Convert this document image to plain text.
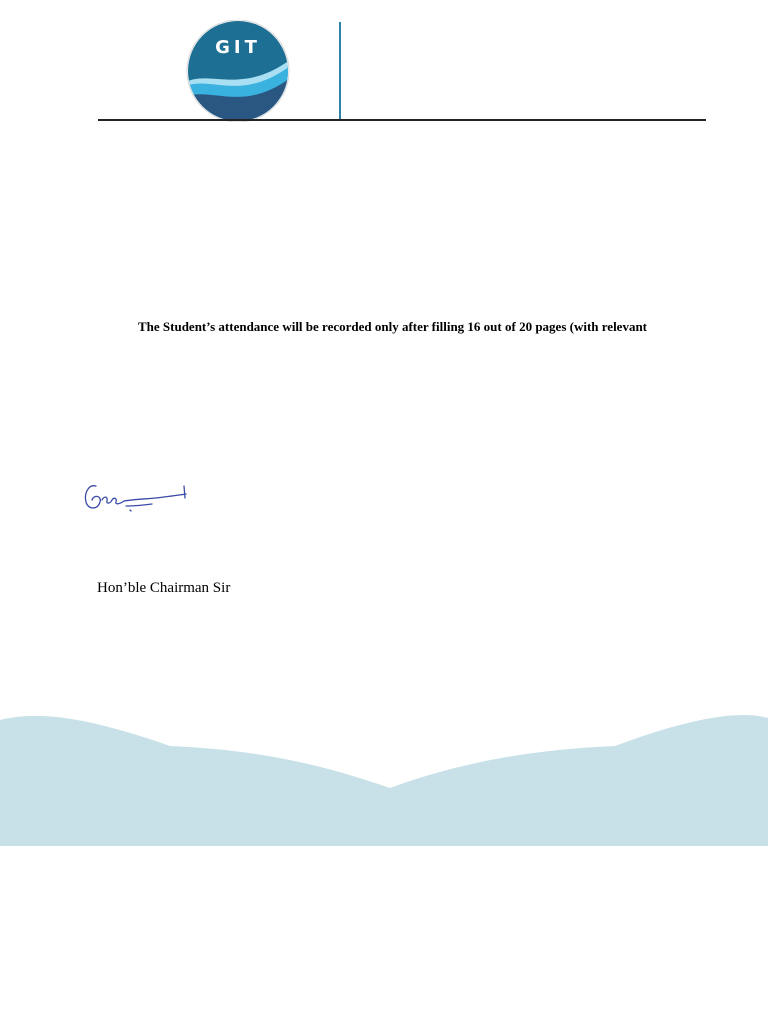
GIT
The Student’s attendance will be recorded only after filling 16 out of 20 pages (with relevant
Hon’ble Chairman Sir
